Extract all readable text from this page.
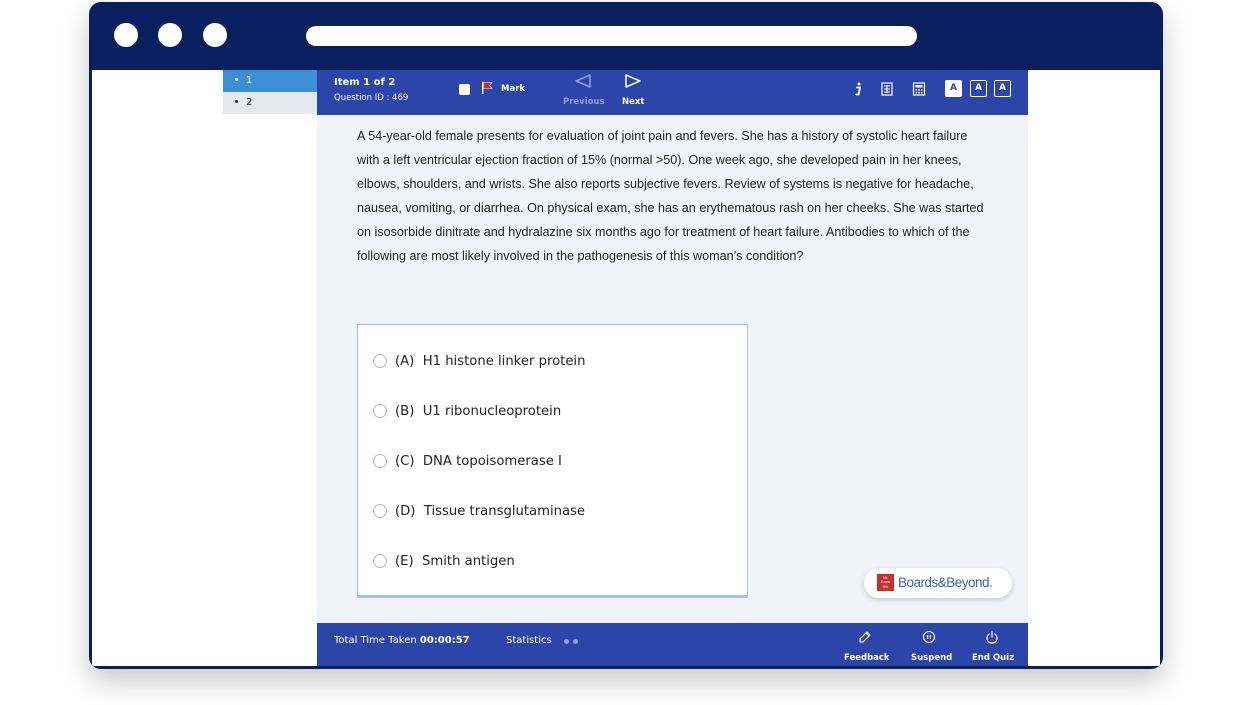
1
2
Item 1 of 2
Question ID : 469
Mark
Previous Next
A	A	A
A 54-year-old female presents for evaluation of joint pain and fevers. She has a history of systolic heart failure with a left ventricular ejection fraction of 15% (normal >50). One week ago, she developed pain in her knees, elbows, shoulders, and wrists. She also reports subjective fevers. Review of systems is negative for headache, nausea, vomiting, or diarrhea. On physical exam, she has an erythematous rash on her cheeks. She was started on isosorbide dinitrate and hydralazine six months ago for treatment of heart failure. Antibodies to which of the following are most likely involved in the pathogenesis of this woman’s condition?
(A)
H1 histone linker protein
(B)
U1 ribonucleoprotein
(C)
DNA topoisomerase I
(D)
Tissue transglutaminase
(E)
Smith antigen
Mc
Graw
Hill Boards&Beyond.
Total Time Taken 00:00:57	Statistics
Feedback	Suspend End Quiz
